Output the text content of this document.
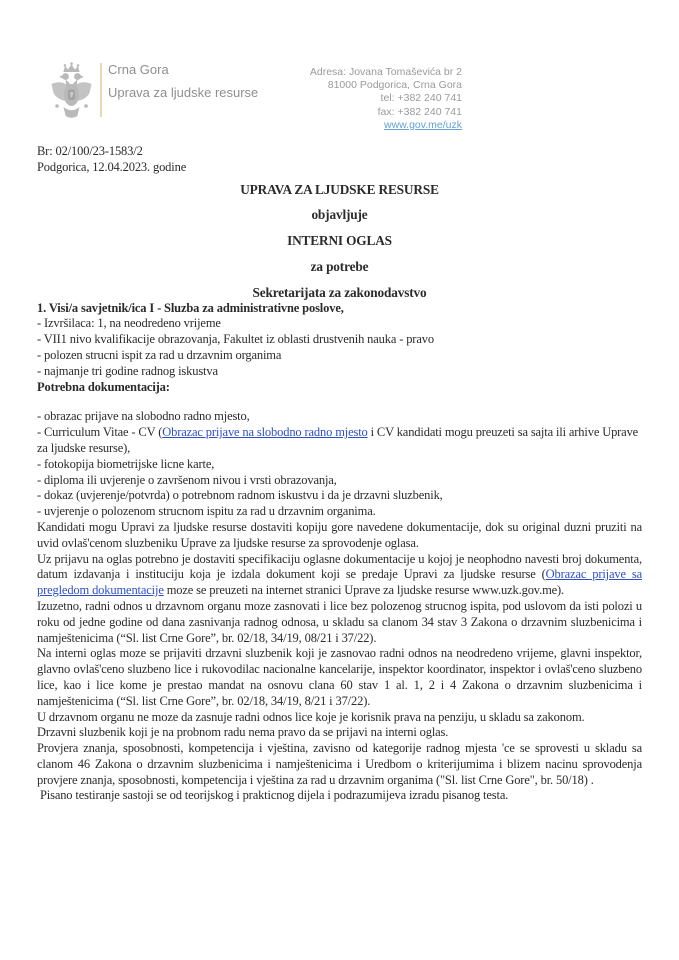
Crna Gora

Uprava za ljudske resurse

Adresa: Jovana Tomaševića br 2
81000 Podgorica, Crna Gora
tel: +382 240 741
fax: +382 240 741
www.gov.me/uzk

Br: 02/100/23-1583/2

Podgorica, 12.04.2023. godine

UPRAVA ZA LJUDSKE RESURSE

objavljuje

INTERNI OGLAS

za potrebe

Sekretarijata za zakonodavstvo

1. Visi/a savjetnik/ica I - Sluzba za administrativne poslove,

- Izvršilaca: 1, na neodredeno vrijeme

- VII1 nivo kvalifikacije obrazovanja, Fakultet iz oblasti drustvenih nauka - pravo

- polozen strucni ispit za rad u drzavnim organima

- najmanje tri godine radnog iskustva

Potrebna dokumentacija:

- obrazac prijave na slobodno radno mjesto,

- Curriculum Vitae - CV (Obrazac prijave na slobodno radno mjesto i CV kandidati mogu preuzeti sa sajta ili arhive Uprave za ljudske resurse),

- fotokopija biometrijske licne karte,

- diploma ili uvjerenje o završenom nivou i vrsti obrazovanja,

- dokaz (uvjerenje/potvrda) o potrebnom radnom iskustvu i da je drzavni sluzbenik,

- uvjerenje o polozenom strucnom ispitu za rad u drzavnim organima.

Kandidati mogu Upravi za ljudske resurse dostaviti kopiju gore navedene dokumentacije, dok su original duzni pruziti na uvid ovlaš'cenom sluzbeniku Uprave za ljudske resurse za sprovodenje oglasa.

Uz prijavu na oglas potrebno je dostaviti specifikaciju oglasne dokumentacije u kojoj je neophodno navesti broj dokumenta, datum izdavanja i instituciju koja je izdala dokument koji se predaje Upravi za ljudske resurse (Obrazac prijave sa pregledom dokumentacije moze se preuzeti na internet stranici Uprave za ljudske resurse www.uzk.gov.me).

Izuzetno, radni odnos u drzavnom organu moze zasnovati i lice bez polozenog strucnog ispita, pod uslovom da isti polozi u roku od jedne godine od dana zasnivanja radnog odnosa, u skladu sa clanom 34 stav 3 Zakona o drzavnim sluzbenicima i namještenicima (“Sl. list Crne Gore”, br. 02/18, 34/19, 08/21 i 37/22).

Na interni oglas moze se prijaviti drzavni sluzbenik koji je zasnovao radni odnos na neodredeno vrijeme, glavni inspektor, glavno ovlaš'ceno sluzbeno lice i rukovodilac nacionalne kancelarije, inspektor koordinator, inspektor i ovlaš'ceno sluzbeno lice, kao i lice kome je prestao mandat na osnovu clana 60 stav 1 al. 1, 2 i 4 Zakona o drzavnim sluzbenicima i namještenicima (“Sl. list Crne Gore”, br. 02/18, 34/19, 8/21 i 37/22).

U drzavnom organu ne moze da zasnuje radni odnos lice koje je korisnik prava na penziju, u skladu sa zakonom.

Drzavni sluzbenik koji je na probnom radu nema pravo da se prijavi na interni oglas.

Provjera znanja, sposobnosti, kompetencija i vještina, zavisno od kategorije radnog mjesta 'ce se sprovesti u skladu sa clanom 46 Zakona o drzavnim sluzbenicima i namještenicima i Uredbom o kriterijumima i blizem nacinu sprovodenja provjere znanja, sposobnosti, kompetencija i vještina za rad u drzavnim organima ("Sl. list Crne Gore", br. 50/18) .

Pisano testiranje sastoji se od teorijskog i prakticnog dijela i podrazumijeva izradu pisanog testa.
